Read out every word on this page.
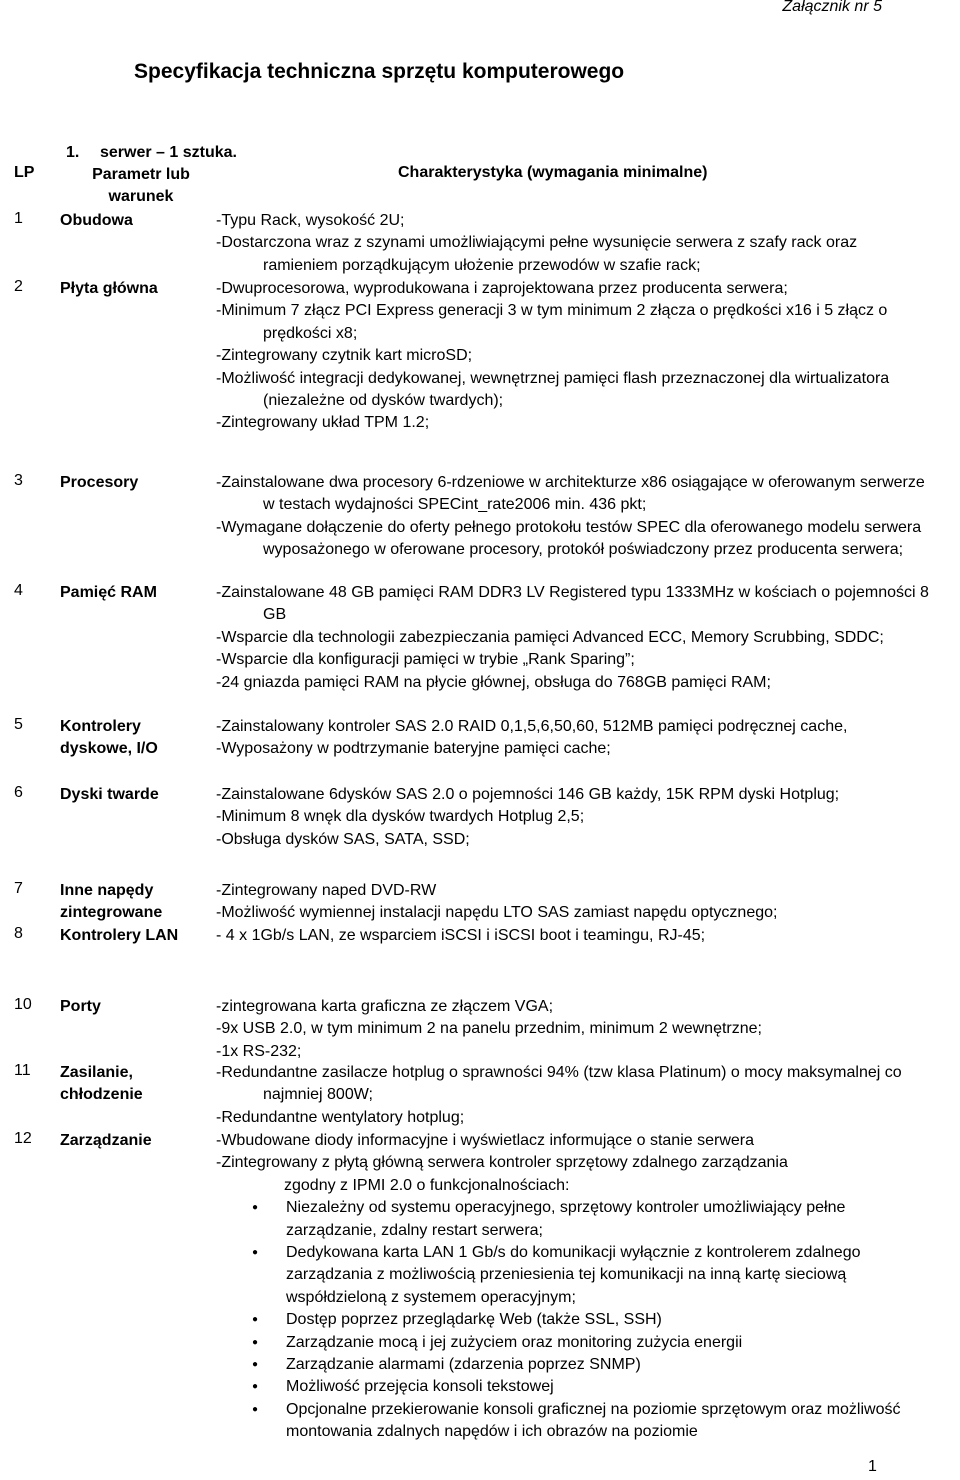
Załącznik nr 5
Specyfikacja techniczna sprzętu komputerowego
1. serwer – 1 sztuka.
LP	Parametr lub warunek
Charakterystyka (wymagania minimalne)
1 Obudowa	-Typu Rack, wysokość 2U;
-Dostarczona wraz z szynami umożliwiającymi pełne wysunięcie serwera z szafy rack oraz ramieniem porządkującym ułożenie przewodów w szafie rack;
2 Płyta główna	-Dwuprocesorowa, wyprodukowana i zaprojektowana przez producenta serwera;
-Minimum 7 złącz PCI Express generacji 3 w tym minimum 2 złącza o prędkości x16 i 5 złącz o prędkości x8;
-Zintegrowany czytnik kart microSD;
-Możliwość integracji dedykowanej, wewnętrznej pamięci flash przeznaczonej dla wirtualizatora (niezależne od dysków twardych);
-Zintegrowany układ TPM 1.2;
3 Procesory	-Zainstalowane dwa procesory 6-rdzeniowe w architekturze x86 osiągające w oferowanym serwerze w testach wydajności SPECint_rate2006 min. 436 pkt;
-Wymagane dołączenie do oferty pełnego protokołu testów SPEC dla oferowanego modelu serwera wyposażonego w oferowane procesory, protokół poświadczony przez producenta serwera;
4 Pamięć RAM	-Zainstalowane 48 GB pamięci RAM DDR3 LV Registered typu 1333MHz w kościach o pojemności 8 GB
-Wsparcie dla technologii zabezpieczania pamięci Advanced ECC, Memory Scrubbing, SDDC;
-Wsparcie dla konfiguracji pamięci w trybie „Rank Sparing”;
-24 gniazda pamięci RAM na płycie głównej, obsługa do 768GB pamięci RAM;
5 Kontrolery dyskowe, I/O
-Zainstalowany kontroler SAS 2.0 RAID 0,1,5,6,50,60, 512MB pamięci podręcznej cache,
-Wyposażony w podtrzymanie bateryjne pamięci cache;
6 Dyski twarde	-Zainstalowane 6dysków SAS 2.0 o pojemności 146 GB każdy, 15K RPM dyski Hotplug;
-Minimum 8 wnęk dla dysków twardych Hotplug 2,5;
-Obsługa dysków SAS, SATA, SSD;
7 Inne napędy zintegrowane
-Zintegrowany naped DVD-RW
-Możliwość wymiennej instalacji napędu LTO SAS zamiast napędu optycznego;
8 Kontrolery LAN	- 4 x 1Gb/s LAN, ze wsparciem iSCSI i iSCSI boot i teamingu, RJ-45;
10 Porty	-zintegrowana karta graficzna ze złączem VGA;
-9x USB 2.0, w tym minimum 2 na panelu przednim, minimum 2 wewnętrzne;
-1x RS-232;
11 Zasilanie, chłodzenie
-Redundantne zasilacze hotplug o sprawności 94% (tzw klasa Platinum) o mocy maksymalnej co najmniej 800W;
-Redundantne wentylatory hotplug;
12 Zarządzanie	-Wbudowane diody informacyjne i wyświetlacz informujące o stanie serwera
-Zintegrowany z płytą główną serwera kontroler sprzętowy zdalnego zarządzania
zgodny z IPMI 2.0 o funkcjonalnościach:
● Niezależny od systemu operacyjnego, sprzętowy kontroler umożliwiający pełne zarządzanie, zdalny restart serwera;
● Dedykowana karta LAN 1 Gb/s do komunikacji wyłącznie z kontrolerem zdalnego zarządzania z możliwością przeniesienia tej komunikacji na inną kartę sieciową współdzieloną z systemem operacyjnym;
● Dostęp poprzez przeglądarkę Web (także SSL, SSH)
● Zarządzanie mocą i jej zużyciem oraz monitoring zużycia energii
● Zarządzanie alarmami (zdarzenia poprzez SNMP)
● Możliwość przejęcia konsoli tekstowej
● Opcjonalne przekierowanie konsoli graficznej na poziomie sprzętowym oraz możliwość montowania zdalnych napędów i ich obrazów na poziomie
1
